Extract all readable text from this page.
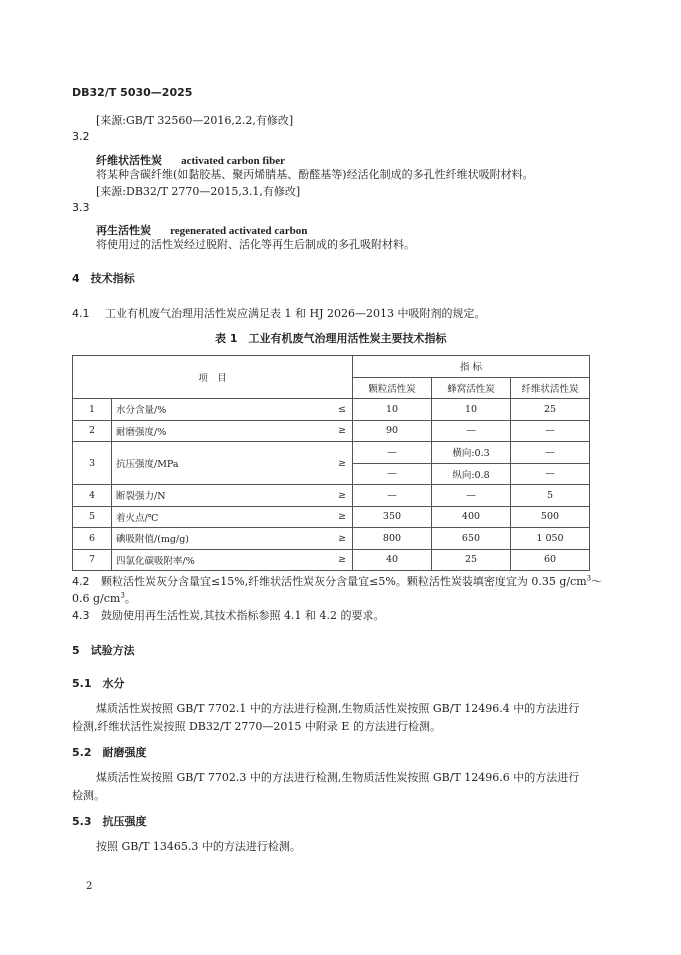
DB32/T 5030—2025
[来源:GB/T 32560—2016,2.2,有修改]
3.2
纤维状活性炭 activated carbon fiber
将某种含碳纤维(如黏胶基、聚丙烯腈基、酚醛基等)经活化制成的多孔性纤维状吸附材料。
[来源:DB32/T 2770—2015,3.1,有修改]
3.3
再生活性炭 regenerated activated carbon
将使用过的活性炭经过脱附、活化等再生后制成的多孔吸附材料。
4　技术指标
4.1 工业有机废气治理用活性炭应满足表 1 和 HJ 2026—2013 中吸附剂的规定。
表 1　工业有机废气治理用活性炭主要技术指标
项　目			指 标		
			颗粒活性炭	蜂窝活性炭	纤维状活性炭
1	水分含量/%	≤	10	10	25
2	耐磨强度/%	≥	90	—	—
3	抗压强度/MPa	≥	—	横向:0.3	—
			—	纵向:0.8	—
4	断裂强力/N	≥	—	—	5
5	着火点/℃	≥	350	400	500
6	碘吸附值/(mg/g)	≥	800	650	1 050
7	四氯化碳吸附率/%	≥	40	25	60
4.2 颗粒活性炭灰分含量宜≤15%,纤维状活性炭灰分含量宜≤5%。颗粒活性炭装填密度宜为 0.35 $g/cm^3\sim$
0.6 $g/cm^3$。
4.3 鼓励使用再生活性炭,其技术指标参照 4.1 和 4.2 的要求。
5　试验方法
5.1　水分
煤质活性炭按照 GB/T 7702.1 中的方法进行检测,生物质活性炭按照 GB/T 12496.4 中的方法进行
检测,纤维状活性炭按照 DB32/T 2770—2015 中附录 E 的方法进行检测。
5.2　耐磨强度
煤质活性炭按照 GB/T 7702.3 中的方法进行检测,生物质活性炭按照 GB/T 12496.6 中的方法进行
检测。
5.3　抗压强度
按照 GB/T 13465.3 中的方法进行检测。
2
